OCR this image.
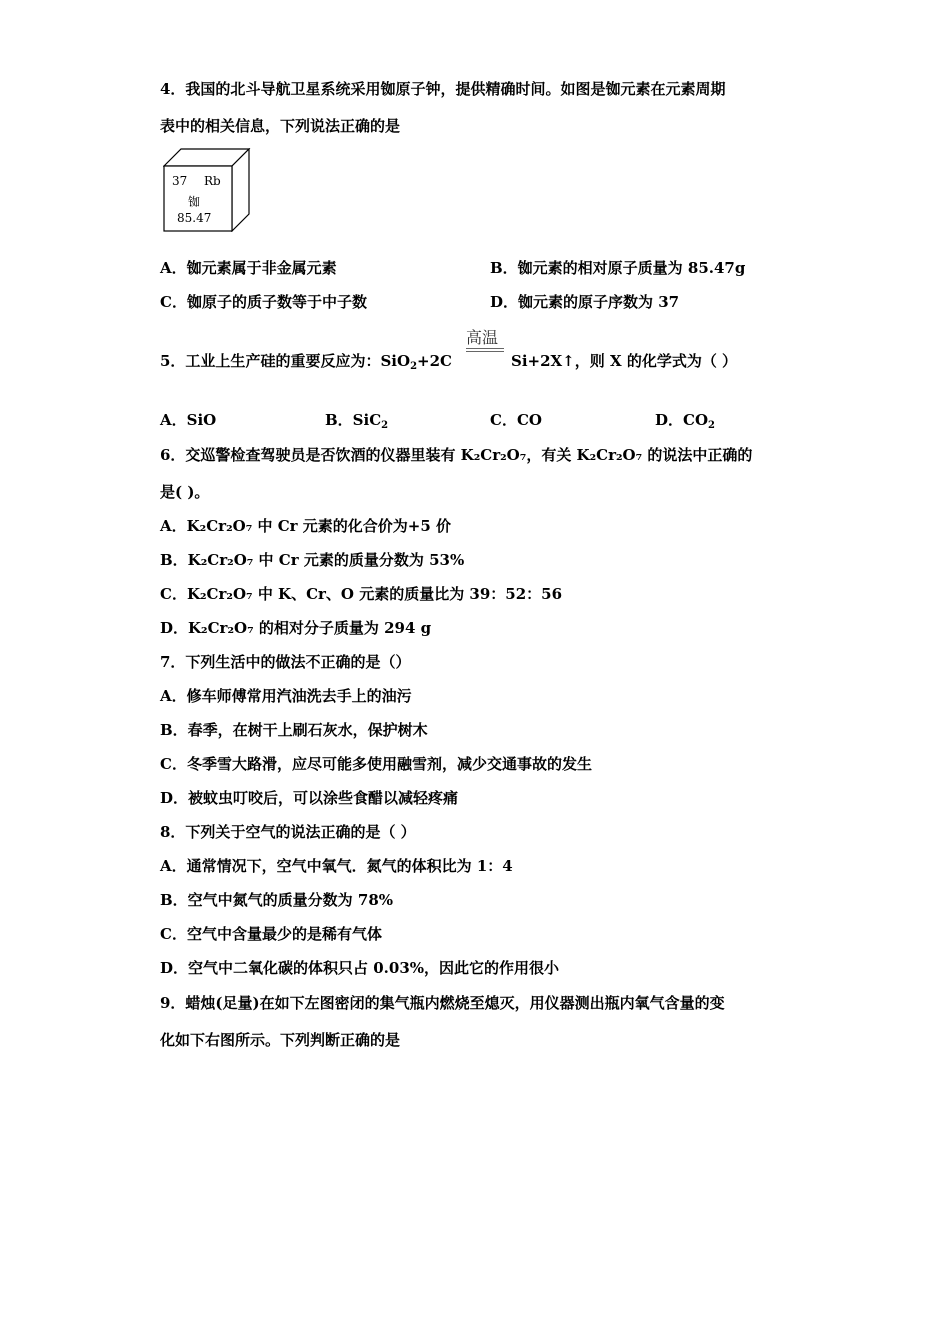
4．我国的北斗导航卫星系统采用铷原子钟，提供精确时间。如图是铷元素在元素周期
表中的相关信息，下列说法正确的是
37 Rb
铷
85.47
A．铷元素属于非金属元素	B．铷元素的相对原子质量为 85.47g
C．铷原子的质子数等于中子数	D．铷元素的原子序数为 37
5．工业上生产硅的重要反应为：SiO$_2$+2C
高温
Si+2X↑，则 X 的化学式为（ ）
A．SiO	B．SiC$_2$	C．CO	D．$CO_2$
6．交巡警检查驾驶员是否饮酒的仪器里装有 K₂Cr₂O₇，有关 K₂Cr₂O₇ 的说法中正确的
是( )。
A．K₂Cr₂O₇ 中 Cr 元素的化合价为+5 价
B．K₂Cr₂O₇ 中 Cr 元素的质量分数为 53%
C．K₂Cr₂O₇ 中 K、Cr、O 元素的质量比为 39：52：56
D．K₂Cr₂O₇ 的相对分子质量为 294 g
7．下列生活中的做法不正确的是（）
A．修车师傅常用汽油洗去手上的油污
B．春季，在树干上刷石灰水，保护树木
C．冬季雪大路滑，应尽可能多使用融雪剂，减少交通事故的发生
D．被蚊虫叮咬后，可以涂些食醋以减轻疼痛
8．下列关于空气的说法正确的是（ ）
A．通常情况下，空气中氧气．氮气的体积比为 1：4
B．空气中氮气的质量分数为 78%
C．空气中含量最少的是稀有气体
D．空气中二氧化碳的体积只占 0.03%，因此它的作用很小
9．蜡烛(足量)在如下左图密闭的集气瓶内燃烧至熄灭，用仪器测出瓶内氧气含量的变
化如下右图所示。下列判断正确的是
